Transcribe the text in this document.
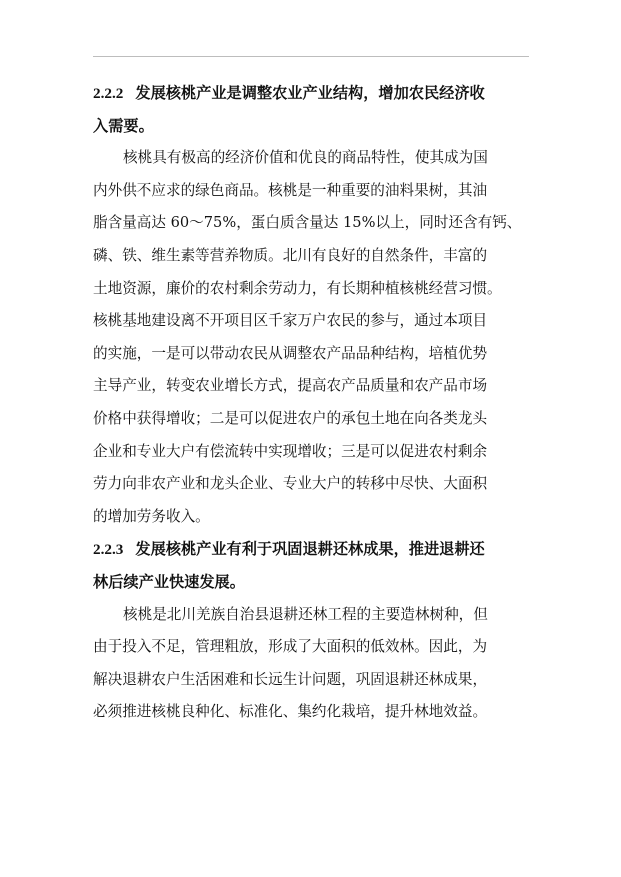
2.2.2 发展核桃产业是调整农业产业结构，增加农民经济收
入需要。
核桃具有极高的经济价值和优良的商品特性，使其成为国
内外供不应求的绿色商品。核桃是一种重要的油料果树，其油
脂含量高达 60～75%，蛋白质含量达 15%以上，同时还含有钙、
磷、铁、维生素等营养物质。北川有良好的自然条件，丰富的
土地资源，廉价的农村剩余劳动力，有长期种植核桃经营习惯。
核桃基地建设离不开项目区千家万户农民的参与，通过本项目
的实施，一是可以带动农民从调整农产品品种结构，培植优势
主导产业，转变农业增长方式，提高农产品质量和农产品市场
价格中获得增收；二是可以促进农户的承包土地在向各类龙头
企业和专业大户有偿流转中实现增收；三是可以促进农村剩余
劳力向非农产业和龙头企业、专业大户的转移中尽快、大面积
的增加劳务收入。
2.2.3 发展核桃产业有利于巩固退耕还林成果，推进退耕还
林后续产业快速发展。
核桃是北川羌族自治县退耕还林工程的主要造林树种，但
由于投入不足，管理粗放，形成了大面积的低效林。因此，为
解决退耕农户生活困难和长远生计问题，巩固退耕还林成果，
必须推进核桃良种化、标准化、集约化栽培，提升林地效益。
